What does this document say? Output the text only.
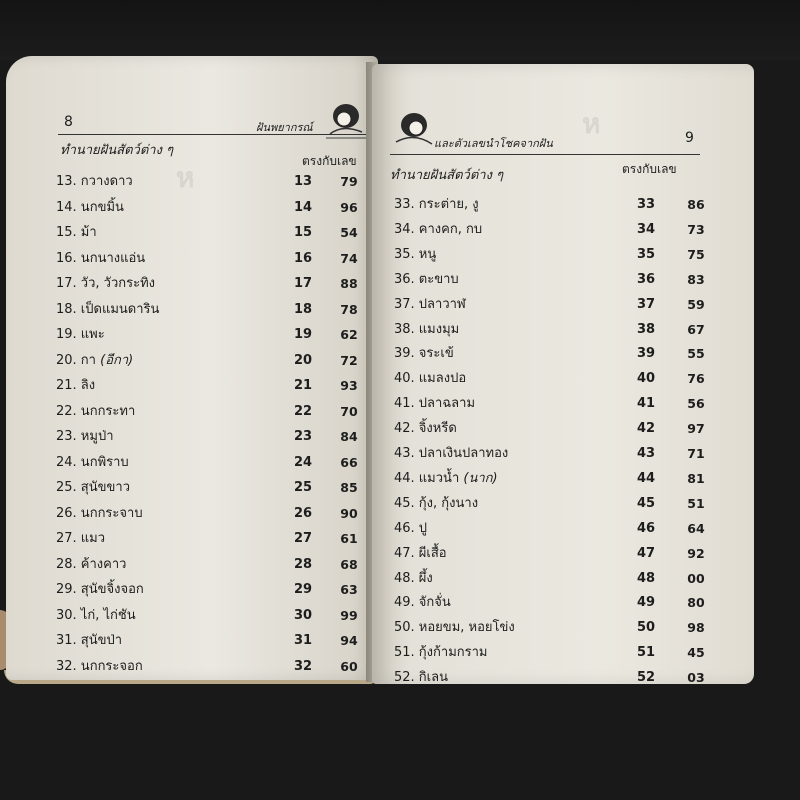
ห
8	ฝันพยากรณ์
ทำนายฝันสัตว์ต่าง ๆ
ตรงกับเลข
13. กวางดาว	13	79
14. นกขมิ้น	14	96
15. ม้า	15	54
16. นกนางแอ่น	16	74
17. วัว, วัวกระทิง	17	88
18. เป็ดแมนดาริน	18	78
19. แพะ	19	62
20. กา (อีกา)	20	72
21. ลิง	21	93
22. นกกระทา	22	70
23. หมูป่า	23	84
24. นกพิราบ	24	66
25. สุนัขขาว	25	85
26. นกกระจาบ	26	90
27. แมว	27	61
28. ค้างคาว	28	68
29. สุนัขจิ้งจอก	29	63
30. ไก่, ไก่ชัน	30	99
31. สุนัขป่า	31	94
32. นกกระจอก	32	60
ห
และตัวเลขนำโชคจากฝัน	9
ทำนายฝันสัตว์ต่าง ๆ	ตรงกับเลข
33. กระต่าย, งู	33	86
34. คางคก, กบ	34	73
35. หนู	35	75
36. ตะขาบ	36	83
37. ปลาวาฬ	37	59
38. แมงมุม	38	67
39. จระเข้	39	55
40. แมลงปอ	40	76
41. ปลาฉลาม	41	56
42. จิ้งหรีด	42	97
43. ปลาเงินปลาทอง	43	71
44. แมวน้ำ (นาก)	44	81
45. กุ้ง, กุ้งนาง	45	51
46. ปู	46	64
47. ผีเสื้อ	47	92
48. ผึ้ง	48	00
49. จักจั่น	49	80
50. หอยขม, หอยโข่ง	50	98
51. กุ้งก้ามกราม	51	45
52. กิเลน	52	03
